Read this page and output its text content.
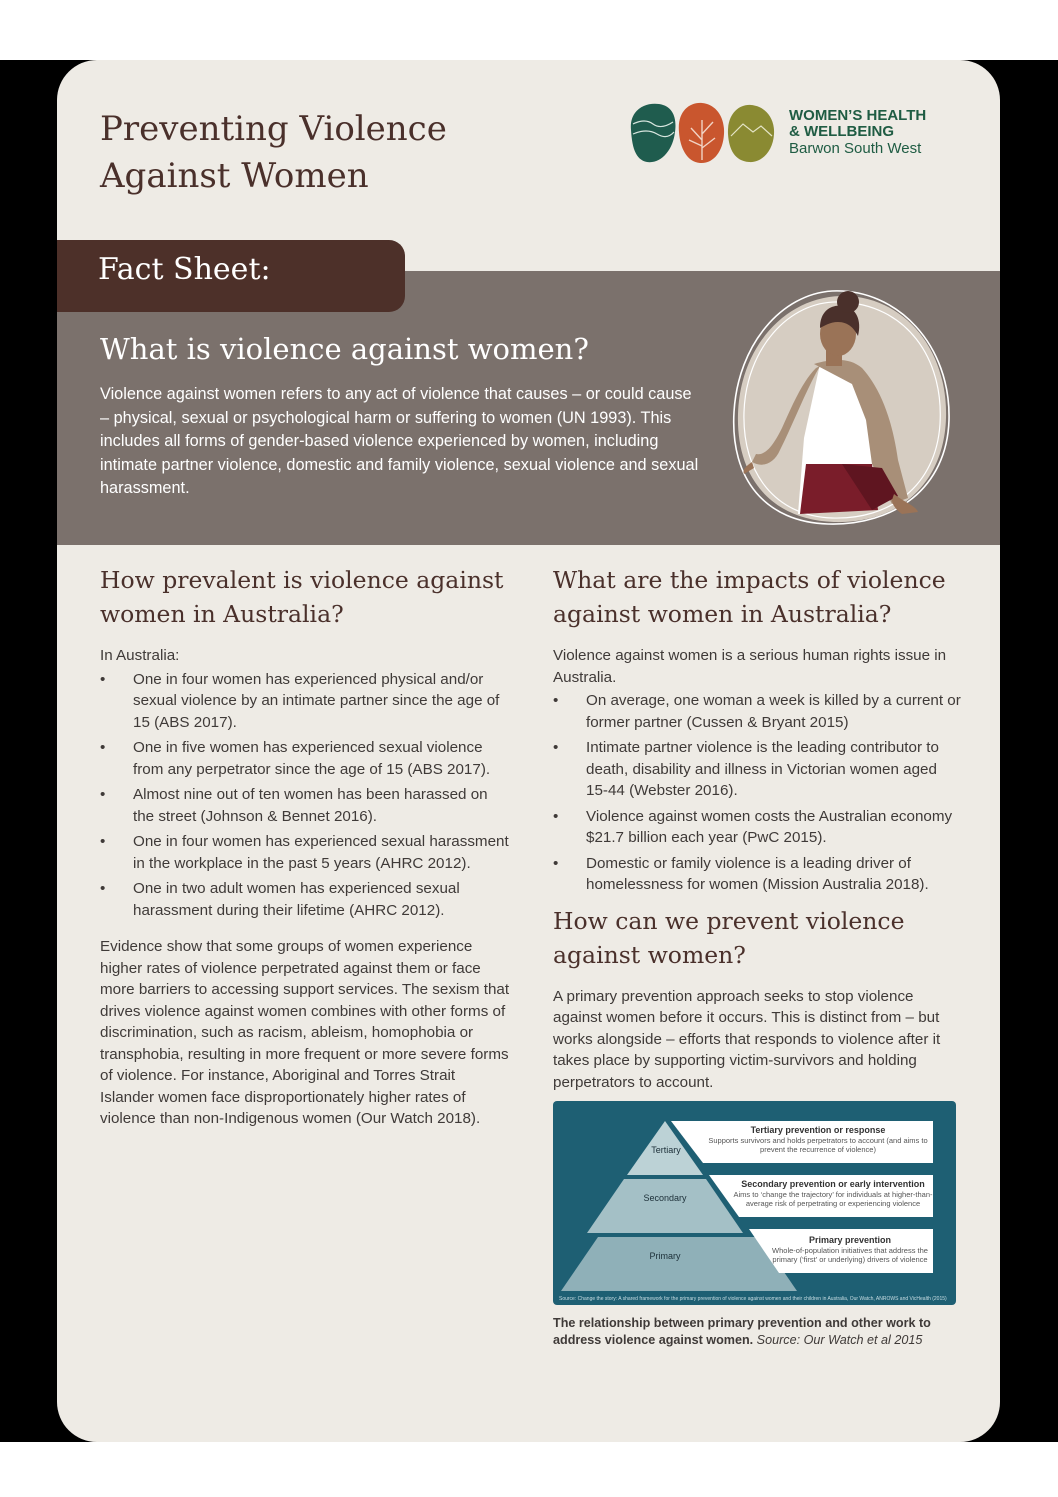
Preventing Violence
Against Women
WOMEN’S HEALTH
& WELLBEING
Barwon South West
Fact Sheet:
What is violence against women?

Violence against women refers to any act of violence that causes – or could cause – physical, sexual or psychological harm or suffering to women (UN 1993). This includes all forms of gender-based violence experienced by women, including intimate partner violence, domestic and family violence, sexual violence and sexual harassment.

How prevalent is violence against women in Australia?

In Australia:

• One in four women has experienced physical and/or sexual violence by an intimate partner since the age of 15 (ABS 2017).
• One in five women has experienced sexual violence from any perpetrator since the age of 15 (ABS 2017).
• Almost nine out of ten women has been harassed on the street (Johnson & Bennet 2016).
• One in four women has experienced sexual harassment in the workplace in the past 5 years (AHRC 2012).
• One in two adult women has experienced sexual harassment during their lifetime (AHRC 2012).

Evidence show that some groups of women experience higher rates of violence perpetrated against them or face more barriers to accessing support services. The sexism that drives violence against women combines with other forms of discrimination, such as racism, ableism, homophobia or transphobia, resulting in more frequent or more severe forms of violence. For instance, Aboriginal and Torres Strait Islander women face disproportionately higher rates of violence than non-Indigenous women (Our Watch 2018).

What are the impacts of violence against women in Australia?

Violence against women is a serious human rights issue in Australia.

• On average, one woman a week is killed by a current or former partner (Cussen & Bryant 2015)
• Intimate partner violence is the leading contributor to death, disability and illness in Victorian women aged 15-44 (Webster 2016).
• Violence against women costs the Australian economy $21.7 billion each year (PwC 2015).
• Domestic or family violence is a leading driver of homelessness for women (Mission Australia 2018).
How can we prevent violence against women?

A primary prevention approach seeks to stop violence against women before it occurs. This is distinct from – but works alongside – efforts that responds to violence after it takes place by supporting victim-survivors and holding perpetrators to account.

Tertiary
Secondary
Primary
Tertiary prevention or response
Supports survivors and holds perpetrators to account (and aims to prevent the recurrence of violence)
Secondary prevention or early intervention
Aims to ‘change the trajectory’ for individuals at higher-than-average risk of perpetrating or experiencing violence
Primary prevention
Whole-of-population initiatives that address the primary (‘first’ or underlying) drivers of violence
Source: Change the story: A shared framework for the primary prevention of violence against women and their children in Australia, Our Watch, ANROWS and VicHealth (2015)

The relationship between primary prevention and other work to address violence against women. Source: Our Watch et al 2015
